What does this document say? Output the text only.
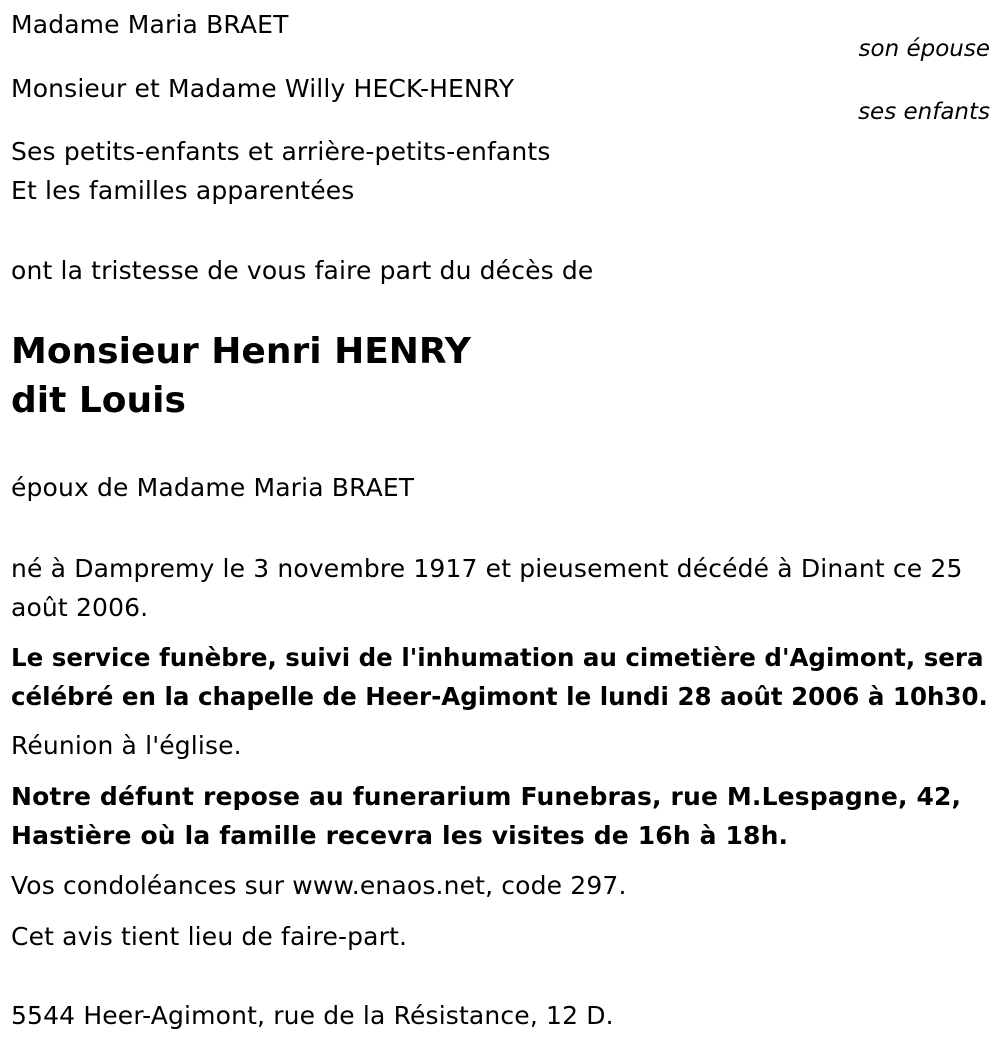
Madame Maria BRAET
son épouse
Monsieur et Madame Willy HECK-HENRY
ses enfants
Ses petits-enfants et arrière-petits-enfants
Et les familles apparentées
ont la tristesse de vous faire part du décès de
Monsieur Henri HENRY
dit Louis
époux de Madame Maria BRAET
né à Dampremy le 3 novembre 1917 et pieusement décédé à Dinant ce 25 août 2006.
Le service funèbre, suivi de l'inhumation au cimetière d'Agimont, sera célébré en la chapelle de Heer-Agimont le lundi 28 août 2006 à 10h30.
Réunion à l'église.
Notre défunt repose au funerarium Funebras, rue M.Lespagne, 42, Hastière où la famille recevra les visites de 16h à 18h.
Vos condoléances sur www.enaos.net, code 297.
Cet avis tient lieu de faire-part.
5544 Heer-Agimont, rue de la Résistance, 12 D.
